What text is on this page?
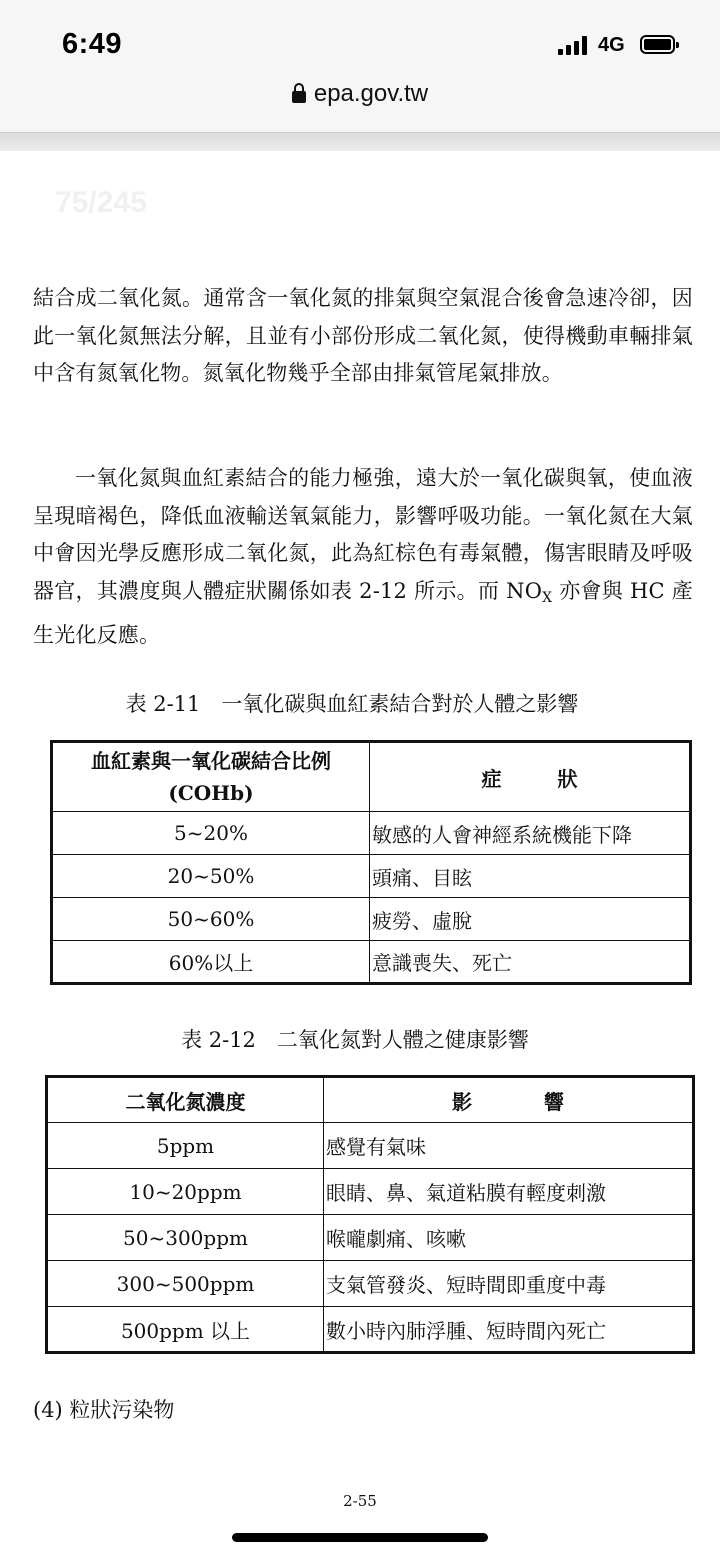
6:49	4G
epa.gov.tw
75/245
結合成二氧化氮。通常含一氧化氮的排氣與空氣混合後會急速冷卻，因此一氧化氮無法分解，且並有小部份形成二氧化氮，使得機動車輛排氣中含有氮氧化物。氮氧化物幾乎全部由排氣管尾氣排放。
一氧化氮與血紅素結合的能力極強，遠大於一氧化碳與氧，使血液呈現暗褐色，降低血液輸送氧氣能力，影響呼吸功能。一氧化氮在大氣中會因光學反應形成二氧化氮，此為紅棕色有毒氣體，傷害眼睛及呼吸器官，其濃度與人體症狀關係如表 2-12 所示。而 NOX 亦會與 HC 產生光化反應。
表 2-11　一氧化碳與血紅素結合對於人體之影響
血紅素與一氧化碳結合比例
(COHb)	症狀
5~20%	敏感的人會神經系統機能下降
20~50%	頭痛、目眩
50~60%	疲勞、虛脫
60%以上	意識喪失、死亡
表 2-12　二氧化氮對人體之健康影響
二氧化氮濃度	影響
5ppm	感覺有氣味
10~20ppm	眼睛、鼻、氣道粘膜有輕度刺激
50~300ppm	喉嚨劇痛、咳嗽
300~500ppm	支氣管發炎、短時間即重度中毒
500ppm 以上	數小時內肺浮腫、短時間內死亡
(4) 粒狀污染物
2-55
